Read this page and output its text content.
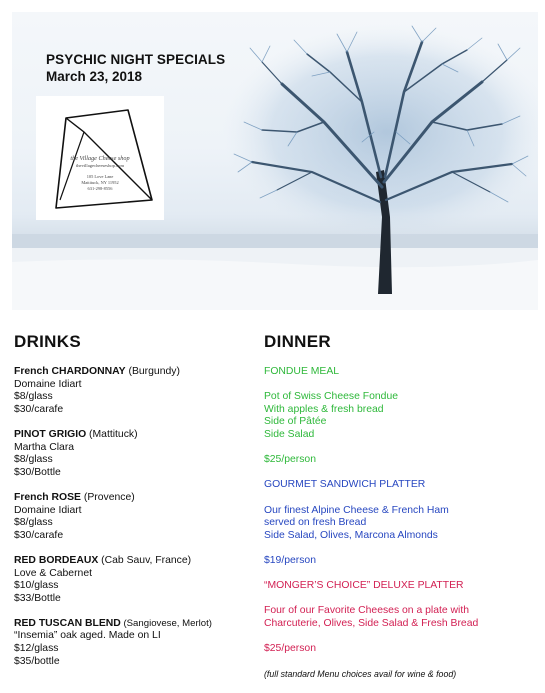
PSYCHIC NIGHT SPECIALS

March 23, 2018

the Village Cheese shop
thevillagecheeseshop.com
105 Love Lane
Mattituck, NY 11952
631-298-8556
DRINKS
French CHARDONNAY (Burgundy)
Domaine Idiart
$8/glass
$30/carafe
PINOT GRIGIO (Mattituck)
Martha Clara
$8/glass
$30/Bottle
French ROSE (Provence)
Domaine Idiart
$8/glass
$30/carafe
RED BORDEAUX (Cab Sauv, France)
Love & Cabernet
$10/glass
$33/Bottle
RED TUSCAN BLEND (Sangiovese, Merlot)
“Insemia” oak aged. Made on LI
$12/glass
$35/bottle
DINNER
FONDUE MEAL
Pot of Swiss Cheese Fondue
With apples & fresh bread
Side of Pâtée
Side Salad
$25/person
GOURMET SANDWICH PLATTER
Our finest Alpine Cheese & French Ham
served on fresh Bread
Side Salad, Olives, Marcona Almonds
$19/person
“MONGER’S CHOICE” DELUXE PLATTER
Four of our Favorite Cheeses on a plate with
Charcuterie, Olives, Side Salad & Fresh Bread
$25/person
(full standard Menu choices avail for wine & food)
